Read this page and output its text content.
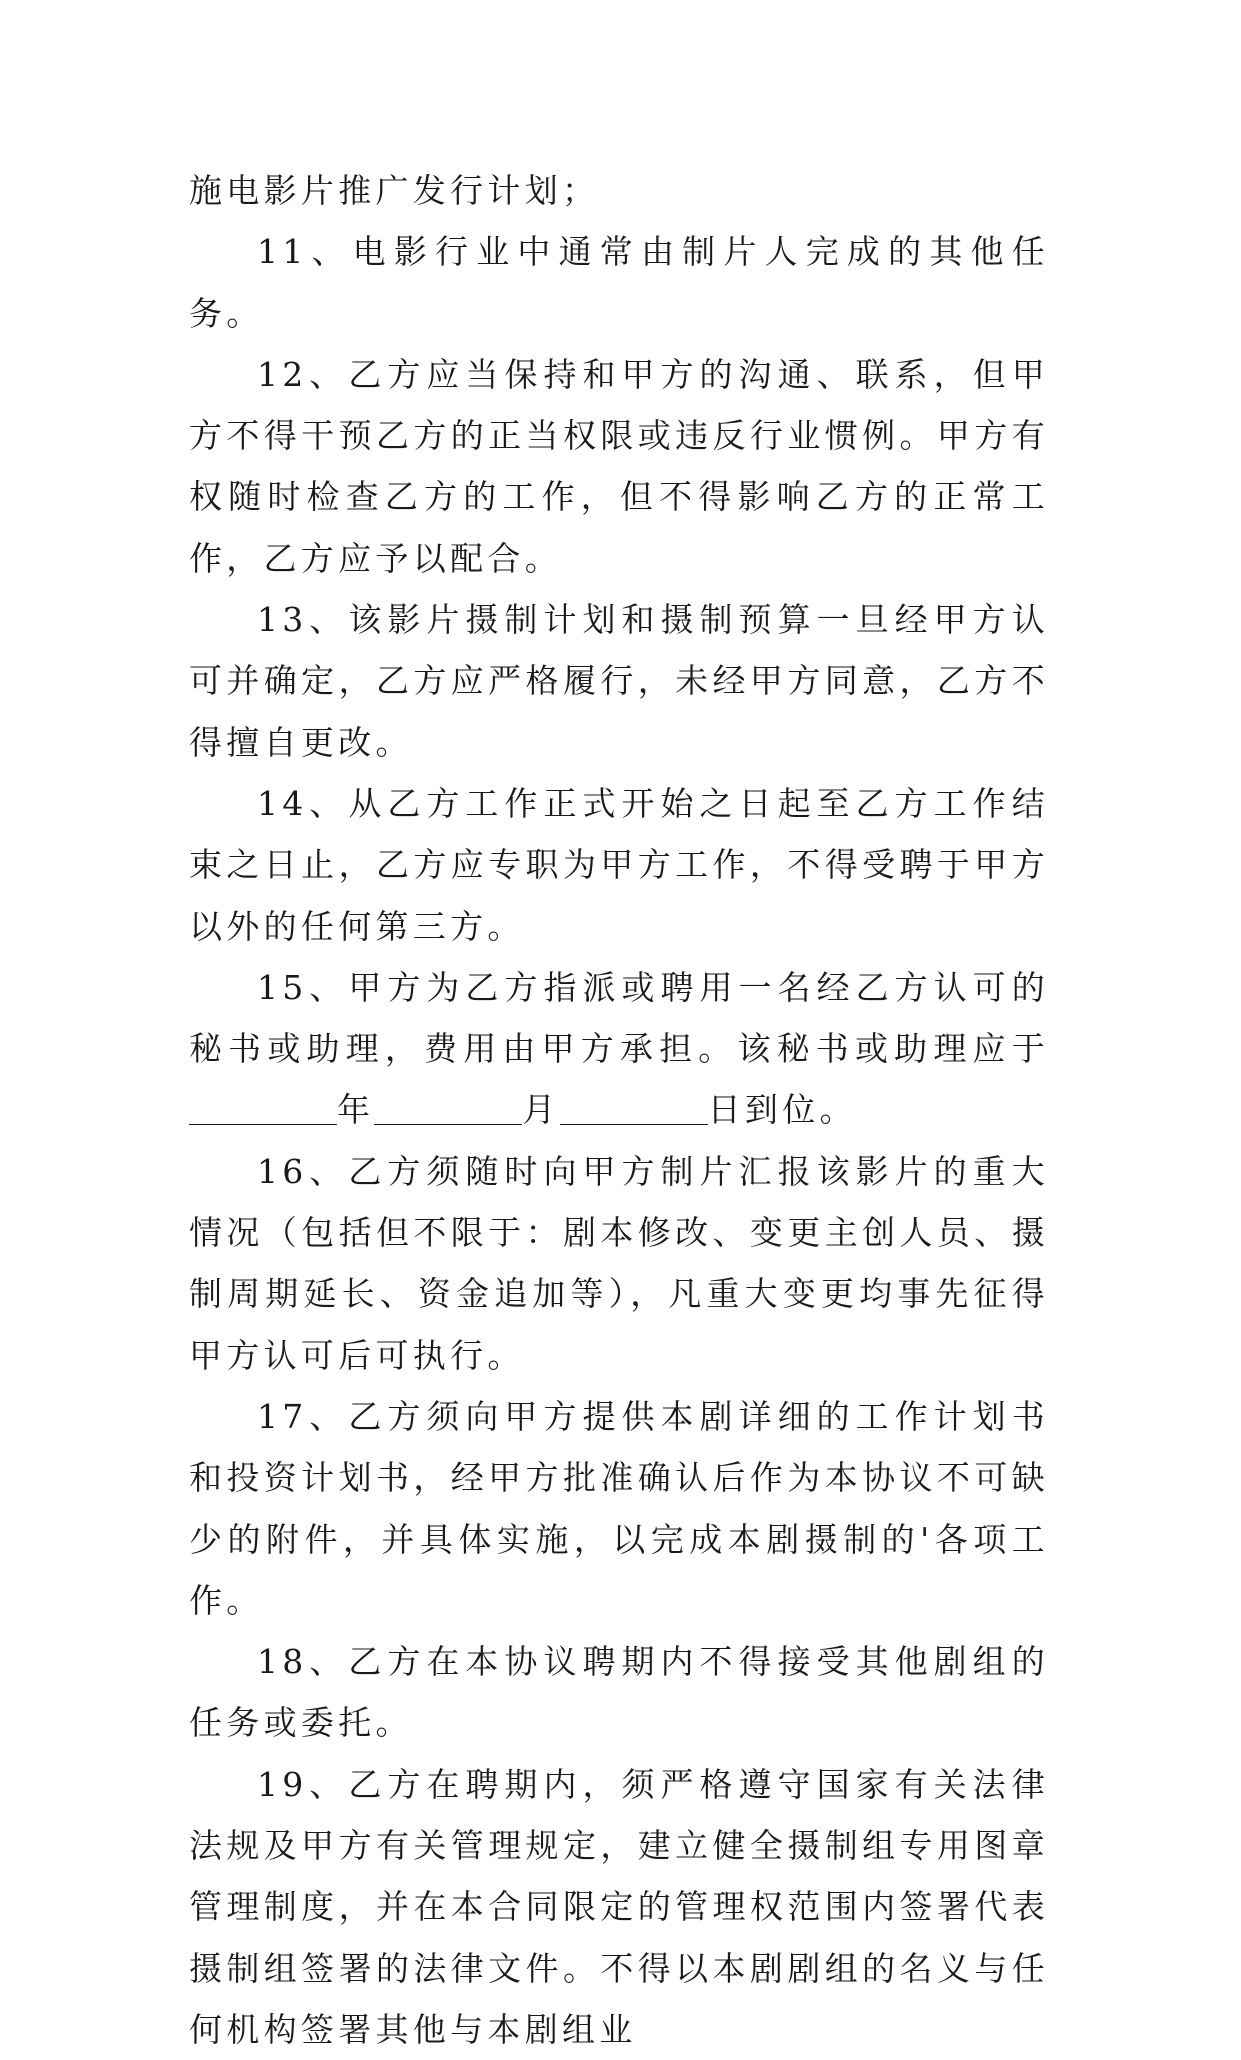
施电影片推广发行计划；

11、电影行业中通常由制片人完成的其他任务。

12、乙方应当保持和甲方的沟通、联系，但甲方不得干预乙方的正当权限或违反行业惯例。甲方有权随时检查乙方的工作，但不得影响乙方的正常工作，乙方应予以配合。

13、该影片摄制计划和摄制预算一旦经甲方认可并确定，乙方应严格履行，未经甲方同意，乙方不得擅自更改。

14、从乙方工作正式开始之日起至乙方工作结束之日止，乙方应专职为甲方工作，不得受聘于甲方以外的任何第三方。

15、甲方为乙方指派或聘用一名经乙方认可的秘书或助理，费用由甲方承担。该秘书或助理应于年	月	日到位。

16、乙方须随时向甲方制片汇报该影片的重大情况（包括但不限于：剧本修改、变更主创人员、摄制周期延长、资金追加等），凡重大变更均事先征得甲方认可后可执行。

17、乙方须向甲方提供本剧详细的工作计划书和投资计划书，经甲方批准确认后作为本协议不可缺少的附件，并具体实施，以完成本剧摄制的'各项工作。

18、乙方在本协议聘期内不得接受其他剧组的任务或委托。

19、乙方在聘期内，须严格遵守国家有关法律法规及甲方有关管理规定，建立健全摄制组专用图章管理制度，并在本合同限定的管理权范围内签署代表摄制组签署的法律文件。不得以本剧剧组的名义与任何机构签署其他与本剧组业
